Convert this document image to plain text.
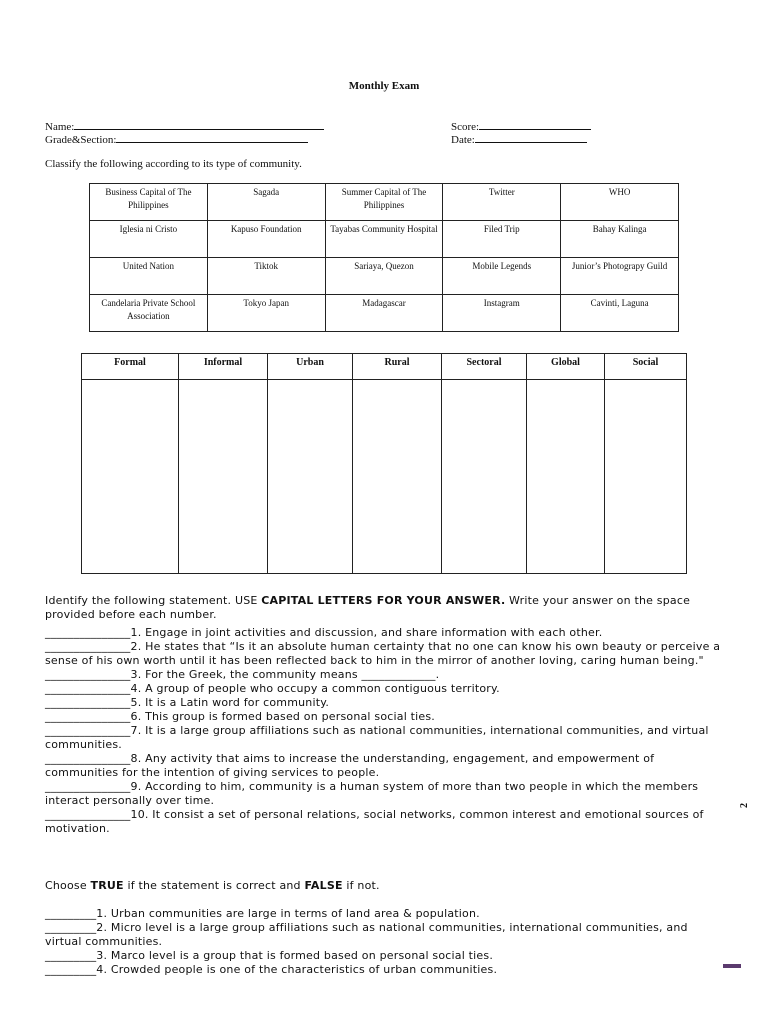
Monthly Exam
Name:
Grade&Section:
Score:
Date:
Classify the following according to its type of community.
Business Capital of The Philippines	Sagada	Summer Capital of The Philippines	Twitter	WHO
Iglesia ni Cristo	Kapuso Foundation	Tayabas Community Hospital	Filed Trip	Bahay Kalinga
United Nation	Tiktok	Sariaya, Quezon	Mobile Legends	Junior’s Photograpy Guild
Candelaria Private School Association	Tokyo Japan	Madagascar	Instagram	Cavinti, Laguna
Formal	Informal	Urban	Rural	Sectoral	Global	Social

Identify the following statement. USE CAPITAL LETTERS FOR YOUR ANSWER. Write your answer on the space provided before each number.

_______________1. Engage in joint activities and discussion, and share information with each other.

_______________2. He states that “Is it an absolute human certainty that no one can know his own beauty or perceive a sense of his own worth until it has been reflected back to him in the mirror of another loving, caring human being."

_______________3. For the Greek, the community means _____________.

_______________4. A group of people who occupy a common contiguous territory.

_______________5. It is a Latin word for community.

_______________6. This group is formed based on personal social ties.

_______________7. It is a large group affiliations such as national communities, international communities, and virtual communities.

_______________8. Any activity that aims to increase the understanding, engagement, and empowerment of communities for the intention of giving services to people.

_______________9. According to him, community is a human system of more than two people in which the members interact personally over time.

_______________10. It consist a set of personal relations, social networks, common interest and emotional sources of motivation.

Choose TRUE if the statement is correct and FALSE if not.

_________1. Urban communities are large in terms of land area & population.

_________2. Micro level is a large group affiliations such as national communities, international communities, and virtual communities.

_________3. Marco level is a group that is formed based on personal social ties.

_________4. Crowded people is one of the characteristics of urban communities.

2
